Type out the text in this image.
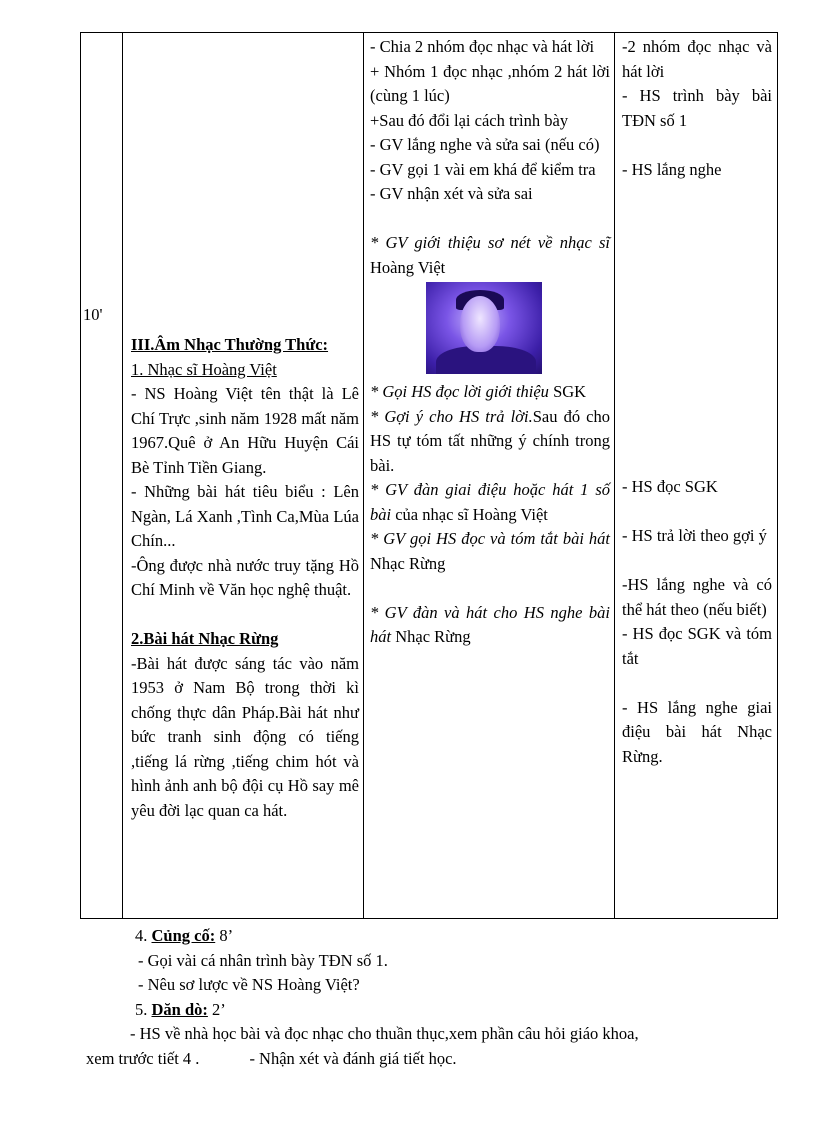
10'

III.Âm Nhạc Thường Thức:

1. Nhạc sĩ Hoàng Việt

- NS Hoàng Việt tên thật là Lê Chí Trực ,sinh năm 1928 mất năm 1967.Quê ở An Hữu Huyện Cái Bè Tỉnh Tiền Giang.

- Những bài hát tiêu biểu : Lên Ngàn, Lá Xanh ,Tình Ca,Mùa Lúa Chín...

-Ông được nhà nước truy tặng Hồ Chí Minh về Văn học nghệ thuật.

2.Bài hát Nhạc Rừng

-Bài hát được sáng tác vào năm 1953 ở Nam Bộ trong thời kì chống thực dân Pháp.Bài hát như bức tranh sinh động có tiếng ,tiếng lá rừng ,tiếng chim hót và hình ảnh anh bộ đội cụ Hồ say mê yêu đời lạc quan ca hát.

- Chia 2 nhóm đọc nhạc và hát lời

+ Nhóm 1 đọc nhạc ,nhóm 2 hát lời (cùng 1 lúc)

+Sau đó đổi lại cách trình bày

- GV lắng nghe và sửa sai (nếu có)

- GV gọi 1 vài em khá để kiểm tra

- GV nhận xét và sửa sai

* GV giới thiệu sơ nét về nhạc sĩ Hoàng Việt

* Gọi HS đọc lời giới thiệu SGK

* Gợi ý cho HS trả lời.Sau đó cho HS tự tóm tất những ý chính trong bài.

* GV đàn giai điệu hoặc hát 1 số bài của nhạc sĩ Hoàng Việt

* GV gọi HS đọc và tóm tắt bài hát Nhạc Rừng

* GV đàn và hát cho HS nghe bài hát Nhạc Rừng

-2 nhóm đọc nhạc và hát lời

- HS trình bày bài TĐN số 1

- HS lắng nghe

- HS đọc SGK

- HS trả lời theo gợi ý

-HS lắng nghe và có thể hát theo (nếu biết)

- HS đọc SGK và tóm tắt

- HS lắng nghe giai điệu bài hát Nhạc Rừng.

4. Củng cố: 8’

- Gọi vài cá nhân trình bày TĐN số 1.

- Nêu sơ lược về NS Hoàng Việt?

5. Dăn dò: 2’

- HS về nhà học bài và đọc nhạc cho thuần thục,xem phần câu hỏi giáo khoa,

xem trước tiết 4 .	- Nhận xét và đánh giá tiết học.
